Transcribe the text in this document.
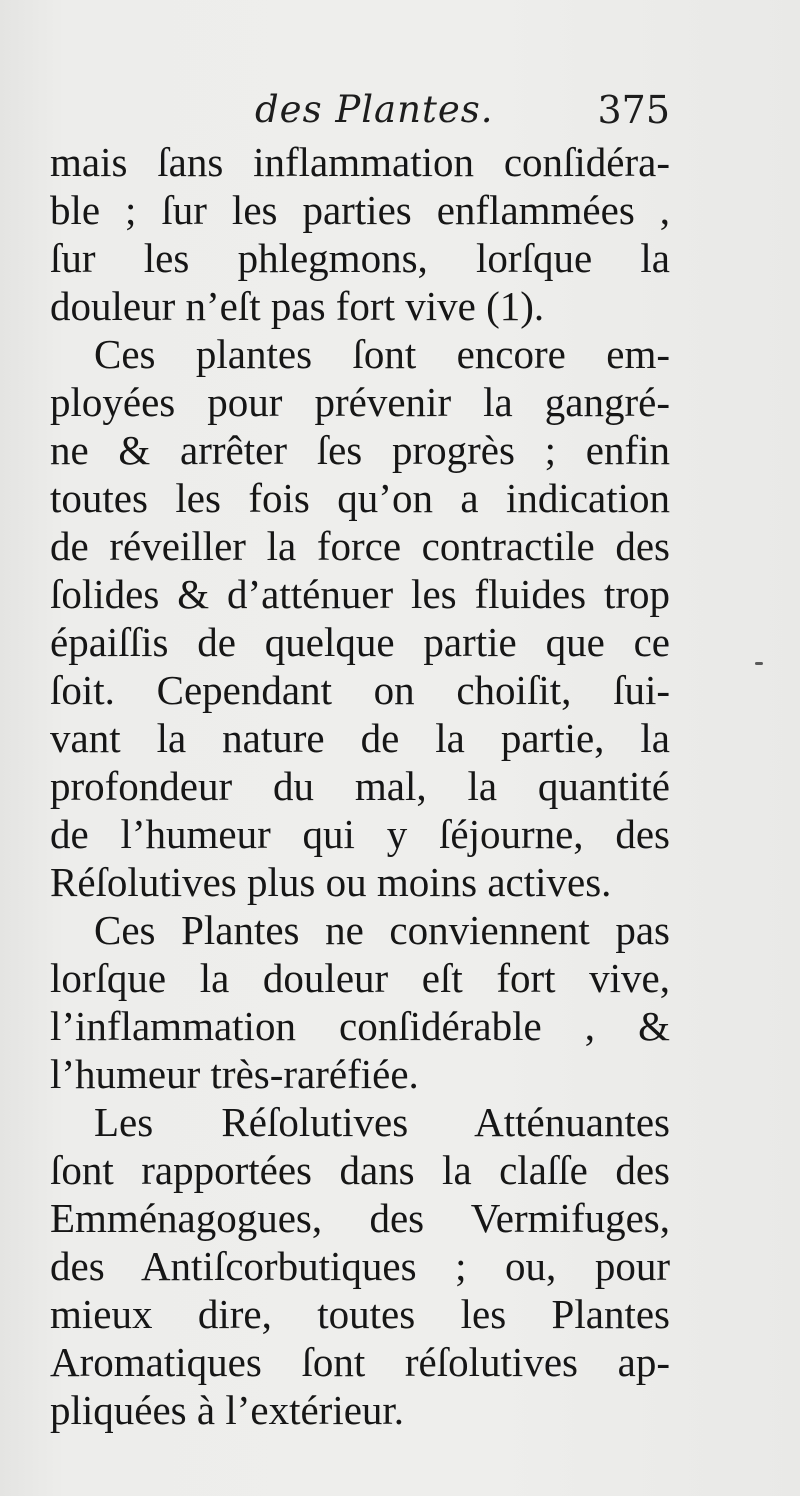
des Plantes.	375
mais ſans inflammation conſidéra-
ble ; ſur les parties enflammées ,
ſur les phlegmons, lorſque la
douleur n’eſt pas fort vive (1).
Ces plantes ſont encore em-
ployées pour prévenir la gangré-
ne & arrêter ſes progrès ; enfin
toutes les fois qu’on a indication
de réveiller la force contractile des
ſolides & d’atténuer les fluides trop
épaiſſis de quelque partie que ce
ſoit. Cependant on choiſit, ſui-
vant la nature de la partie, la
profondeur du mal, la quantité
de l’humeur qui y ſéjourne, des
Réſolutives plus ou moins actives.
Ces Plantes ne conviennent pas
lorſque la douleur eſt fort vive,
l’inflammation conſidérable , &
l’humeur très-raréfiée.
Les Réſolutives Atténuantes
ſont rapportées dans la claſſe des
Emménagogues, des Vermifuges,
des Antiſcorbutiques ; ou, pour
mieux dire, toutes les Plantes
Aromatiques ſont réſolutives ap-
pliquées à l’extérieur.
